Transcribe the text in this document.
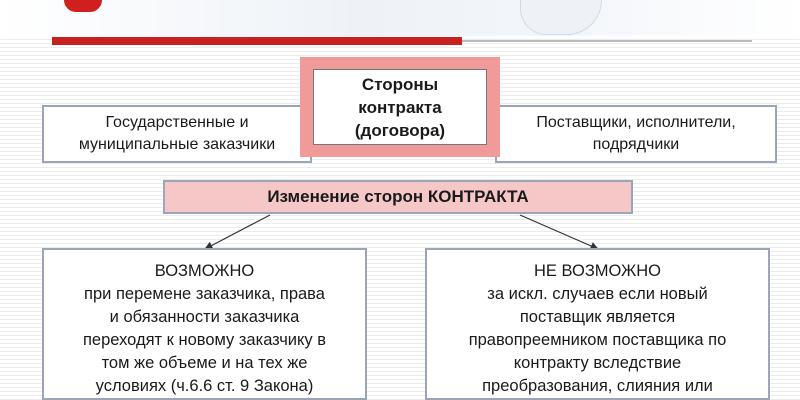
Государственные и
муниципальные заказчики
Поставщики, исполнители,
подрядчики
Стороны
контракта
(договора)
Изменение сторон КОНТРАКТА
ВОЗМОЖНО
при перемене заказчика, права
и обязанности заказчика
переходят к новому заказчику в
том же объеме и на тех же
условиях (ч.6.6 ст. 9 Закона)
НЕ ВОЗМОЖНО
за искл. случаев если новый
поставщик является
правопреемником поставщика по
контракту вследствие
преобразования, слияния или
